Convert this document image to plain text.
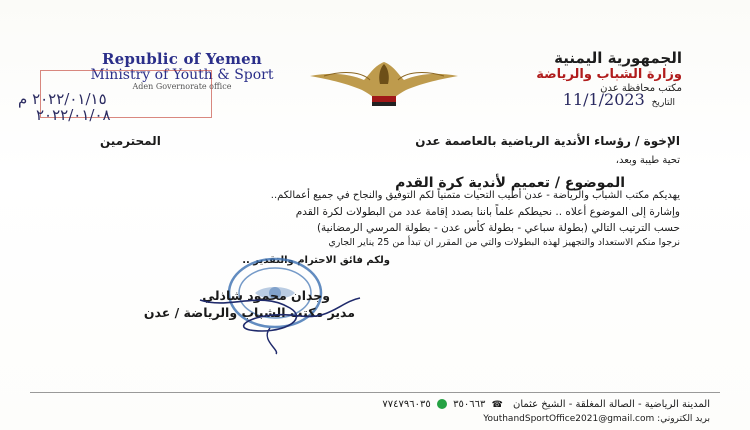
Republic of Yemen
Ministry of Youth & Sport
Aden Governorate office
٢٠٢٢/٠١/١٥ م
٢٠٢٢/٠١/٠٨
الجمهورية اليمنية
وزارة الشباب والرياضة
مكتب محافظة عدن
التاريخ 11/1/2023
الإخوة / رؤساء الأندية الرياضية بالعاصمة عدن
المحترمين
تحية طيبة وبعد،
الموضوع / تعميم لأندية كرة القدم
يهديكم مكتب الشباب والرياضة - عدن أطيب التحيات متمنياً لكم التوفيق والنجاح في جميع أعمالكم..
وإشارة إلى الموضوع أعلاه .. نحيطكم علماً باننا بصدد إقامة عدد من البطولات لكرة القدم
حسب الترتيب التالي (بطولة سباعي - بطولة كأس عدن - بطولة المرسي الرمضانية)
نرجوا منكم الاستعداد والتجهيز لهذه البطولات والتي من المقرر ان تبدأ من 25 يناير الجاري
ولكم فائق الاحترام والتقدير ..
وجدان محمود شاذلي
مدير مكتب الشباب والرياضة / عدن
المدينة الرياضية - الصالة المغلقة - الشيخ عثمان ☎ ٣٥٠٦٦٣  ٧٧٤٧٩٦٠٣٥
بريد الكتروني: YouthandSportOffice2021@gmail.com
